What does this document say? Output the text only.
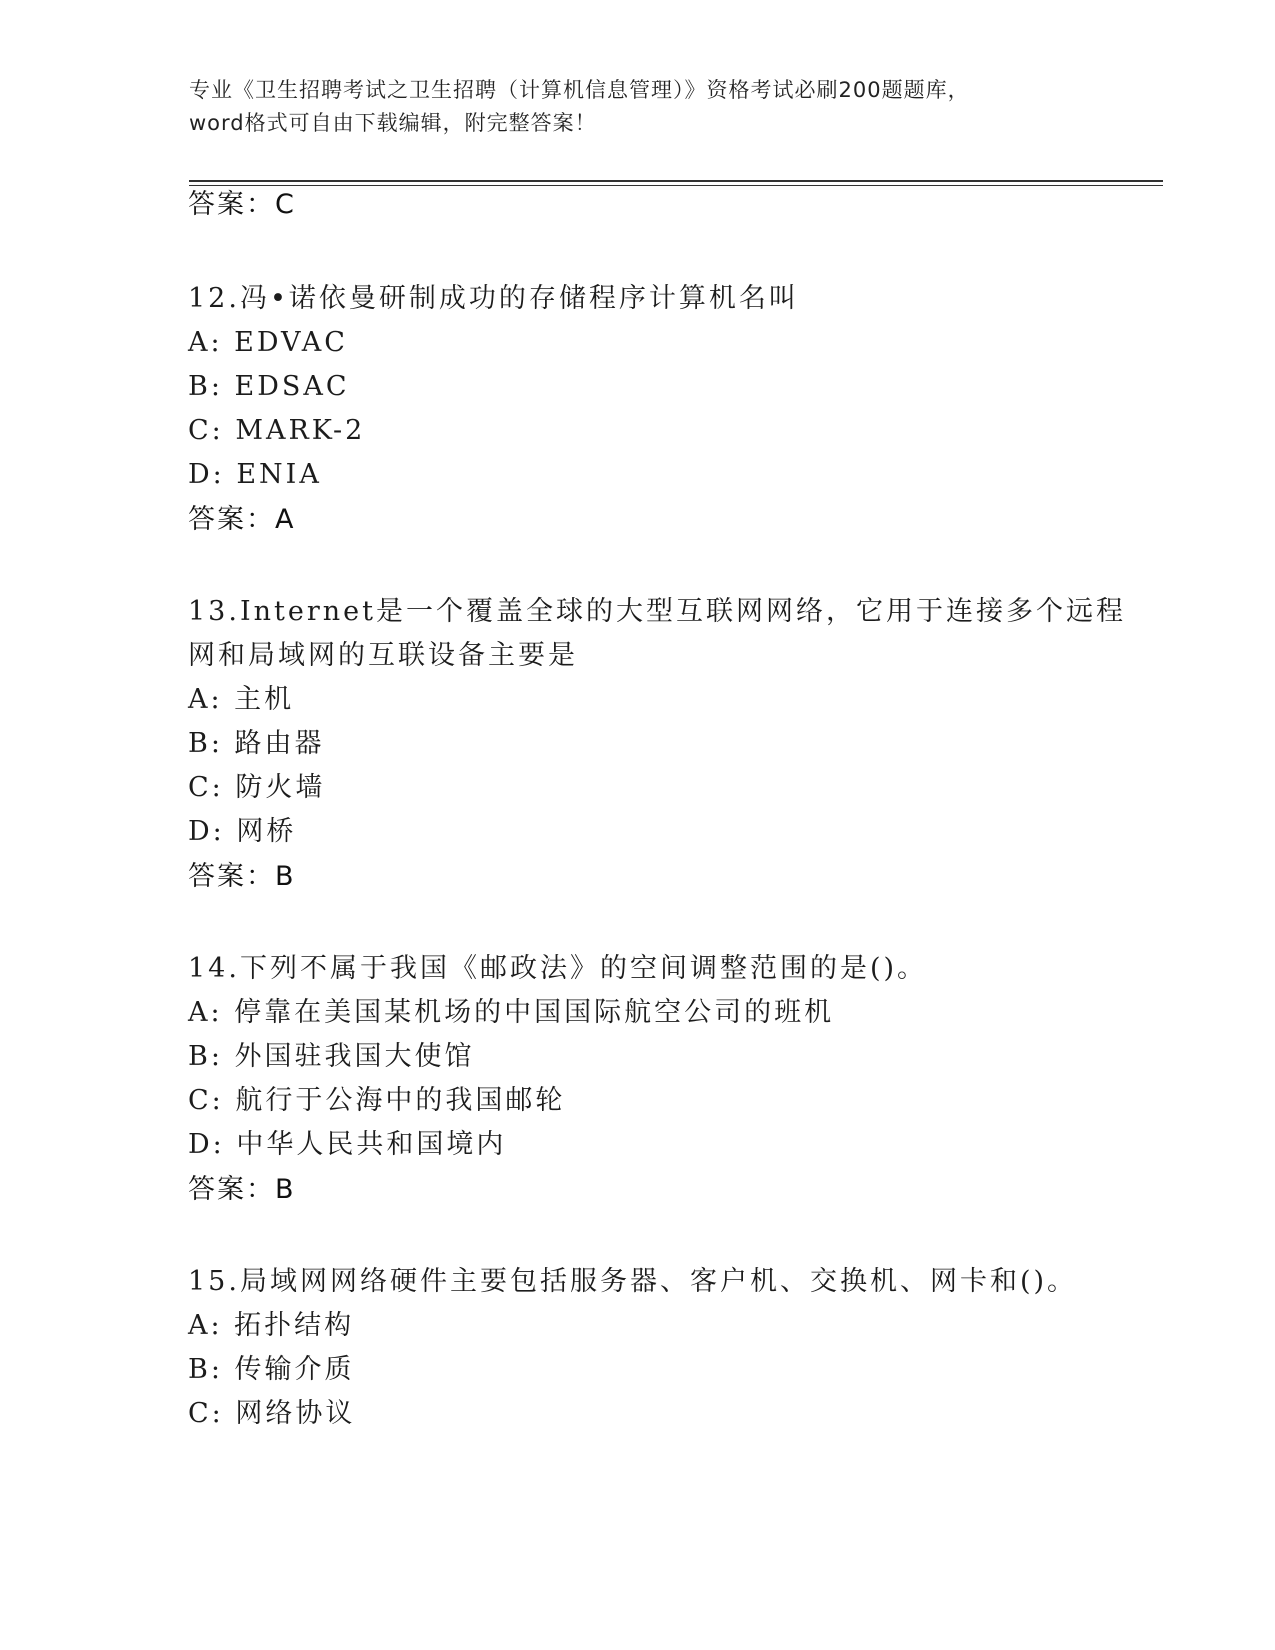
专业《卫生招聘考试之卫生招聘（计算机信息管理）》资格考试必刷200题题库，
word格式可自由下载编辑，附完整答案！
答案：C
12.冯•诺依曼研制成功的存储程序计算机名叫
A: EDVAC
B: EDSAC
C: MARK-2
D: ENIA
答案：A
13.Internet是一个覆盖全球的大型互联网网络，它用于连接多个远程
网和局域网的互联设备主要是
A: 主机
B: 路由器
C: 防火墙
D: 网桥
答案：B
14.下列不属于我国《邮政法》的空间调整范围的是()。
A: 停靠在美国某机场的中国国际航空公司的班机
B: 外国驻我国大使馆
C: 航行于公海中的我国邮轮
D: 中华人民共和国境内
答案：B
15.局域网网络硬件主要包括服务器、客户机、交换机、网卡和()。
A: 拓扑结构
B: 传输介质
C: 网络协议
